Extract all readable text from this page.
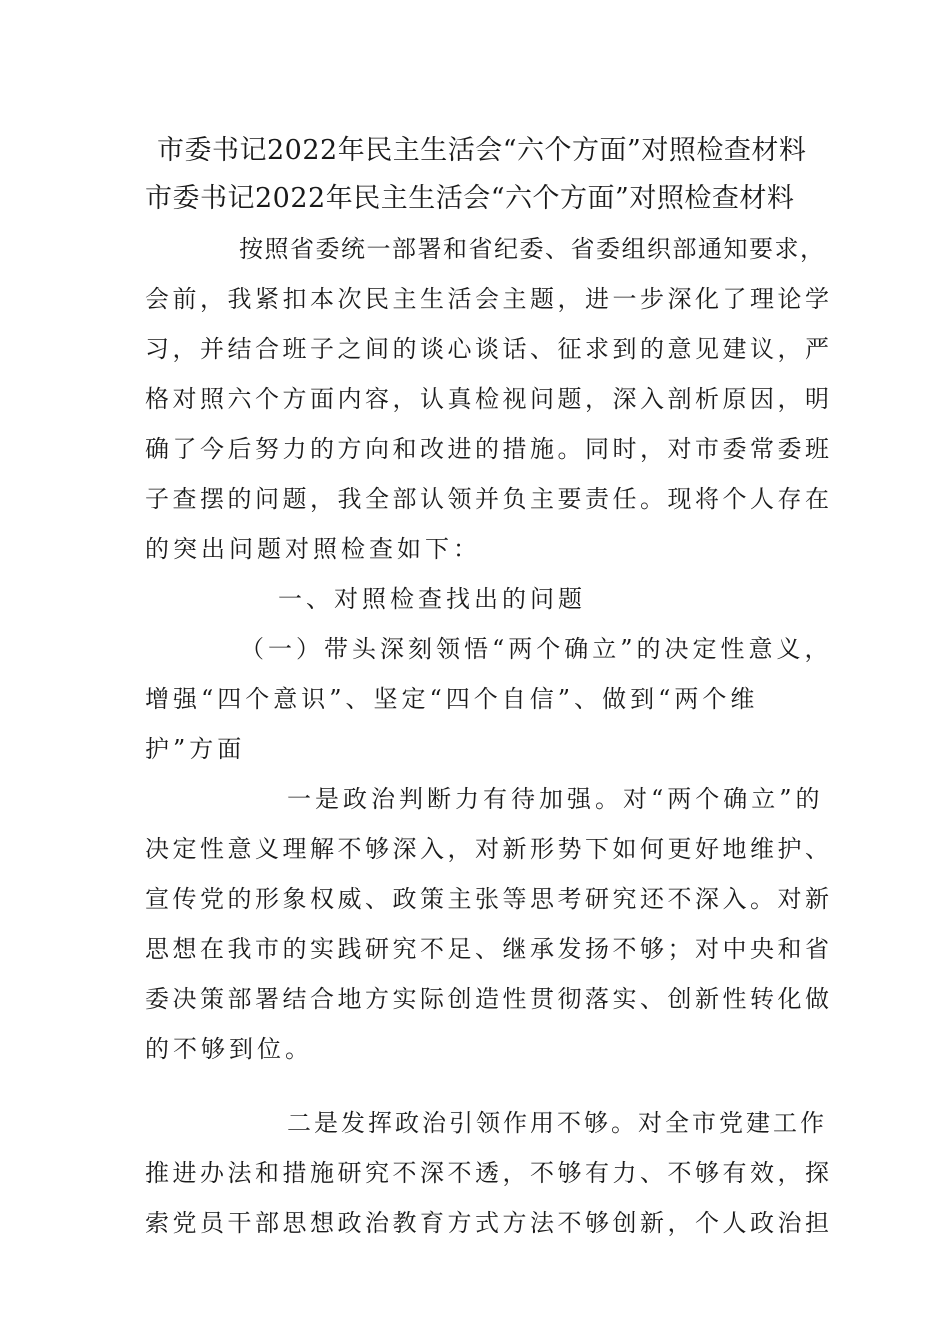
市委书记2022年民主生活会“六个方面”对照检查材料
市委书记2022年民主生活会“六个方面”对照检查材料
按照省委统一部署和省纪委、省委组织部通知要求，
会前，我紧扣本次民主生活会主题，进一步深化了理论学
习，并结合班子之间的谈心谈话、征求到的意见建议，严
格对照六个方面内容，认真检视问题，深入剖析原因，明
确了今后努力的方向和改进的措施。同时，对市委常委班
子查摆的问题，我全部认领并负主要责任。现将个人存在
的突出问题对照检查如下：
一、对照检查找出的问题
（一）带头深刻领悟“两个确立”的决定性意义，
增强“四个意识”、坚定“四个自信”、做到“两个维
护”方面
一是政治判断力有待加强。对“两个确立”的
决定性意义理解不够深入，对新形势下如何更好地维护、
宣传党的形象权威、政策主张等思考研究还不深入。对新
思想在我市的实践研究不足、继承发扬不够；对中央和省
委决策部署结合地方实际创造性贯彻落实、创新性转化做
的不够到位。
二是发挥政治引领作用不够。对全市党建工作
推进办法和措施研究不深不透，不够有力、不够有效，探
索党员干部思想政治教育方式方法不够创新，个人政治担
